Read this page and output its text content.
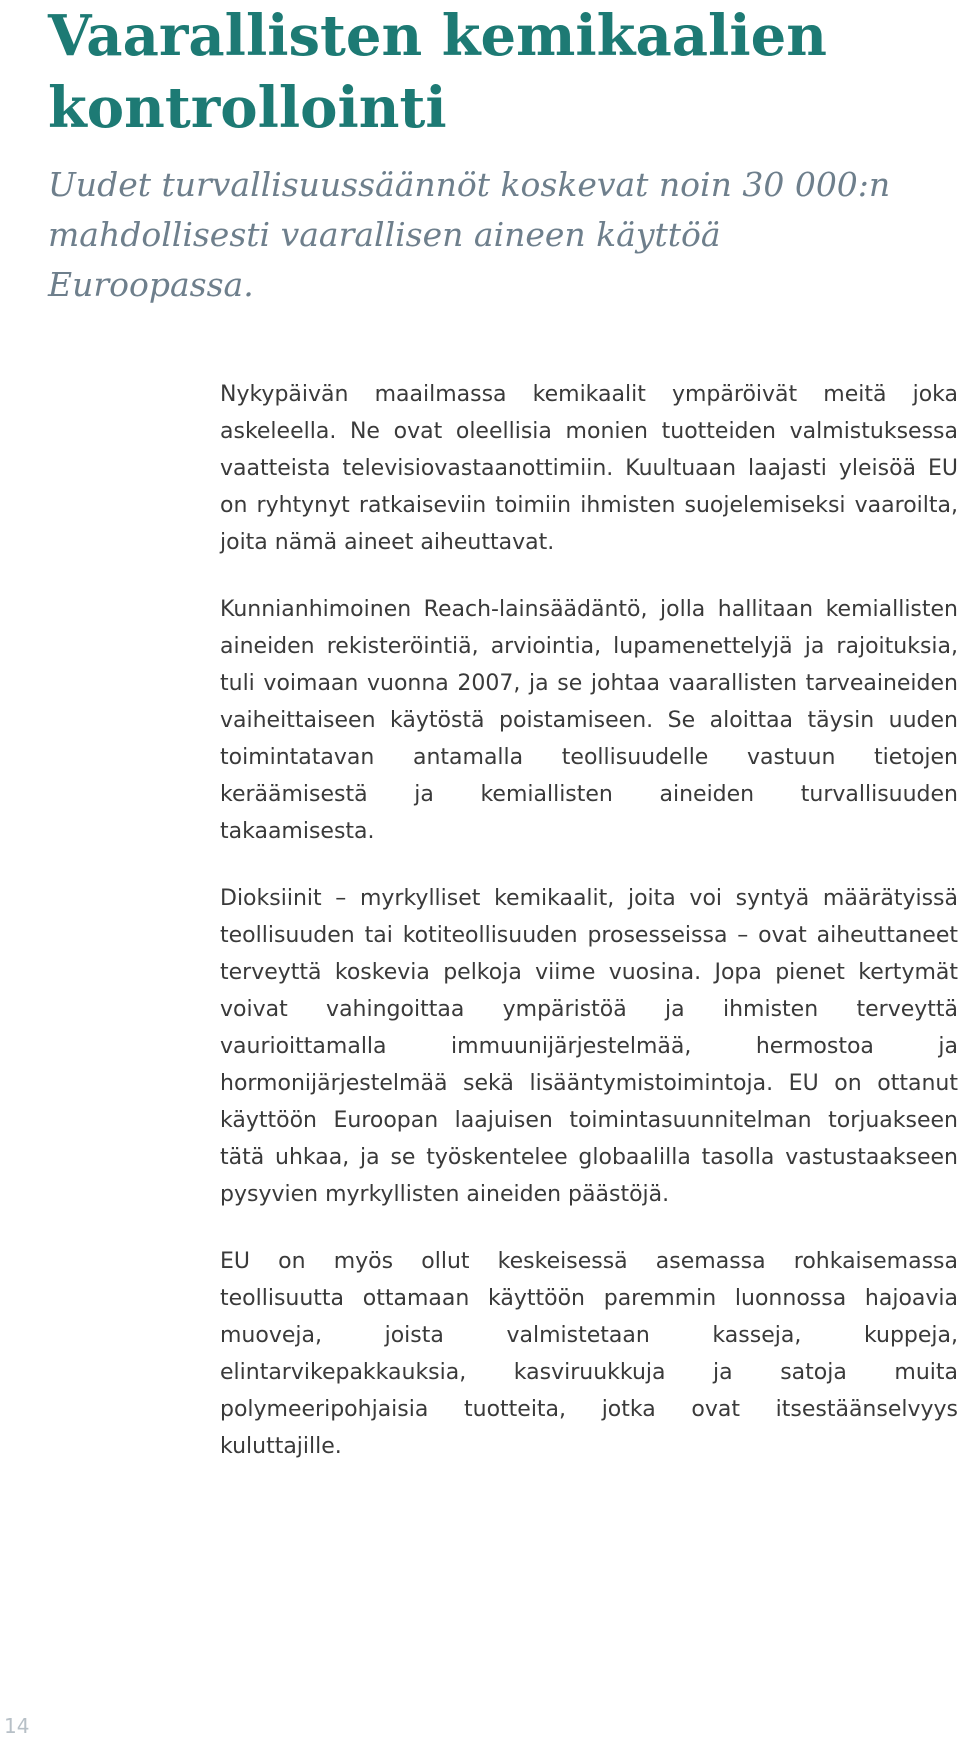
Vaarallisten kemikaalien kontrollointi

Uudet turvallisuussäännöt koskevat noin 30 000:n mahdollisesti vaarallisen aineen käyttöä Euroopassa.

Nykypäivän maailmassa kemikaalit ympäröivät meitä joka askeleella. Ne ovat oleellisia monien tuotteiden valmistuksessa vaatteista televisiovastaanottimiin. Kuultuaan laajasti yleisöä EU on ryhtynyt ratkaiseviin toimiin ihmisten suojelemiseksi vaaroilta, joita nämä aineet aiheuttavat.

Kunnianhimoinen Reach-lainsäädäntö, jolla hallitaan kemiallisten aineiden rekisteröintiä, arviointia, lupamenettelyjä ja rajoituksia, tuli voimaan vuonna 2007, ja se johtaa vaarallisten tarveaineiden vaiheittaiseen käytöstä poistamiseen. Se aloittaa täysin uuden toimintatavan antamalla teollisuudelle vastuun tietojen keräämisestä ja kemiallisten aineiden turvallisuuden takaamisesta.

Dioksiinit – myrkylliset kemikaalit, joita voi syntyä määrätyissä teollisuuden tai kotiteollisuuden prosesseissa – ovat aiheuttaneet terveyttä koskevia pelkoja viime vuosina. Jopa pienet kertymät voivat vahingoittaa ympäristöä ja ihmisten terveyttä vaurioittamalla immuunijärjestelmää, hermostoa ja hormonijärjestelmää sekä lisääntymistoimintoja. EU on ottanut käyttöön Euroopan laajuisen toimintasuunnitelman torjuakseen tätä uhkaa, ja se työskentelee globaalilla tasolla vastustaakseen pysyvien myrkyllisten aineiden päästöjä.

EU on myös ollut keskeisessä asemassa rohkaisemassa teollisuutta ottamaan käyttöön paremmin luonnossa hajoavia muoveja, joista valmistetaan kasseja, kuppeja, elintarvikepakkauksia, kasviruukkuja ja satoja muita polymeeripohjaisia tuotteita, jotka ovat itsestäänselvyys kuluttajille.

14
